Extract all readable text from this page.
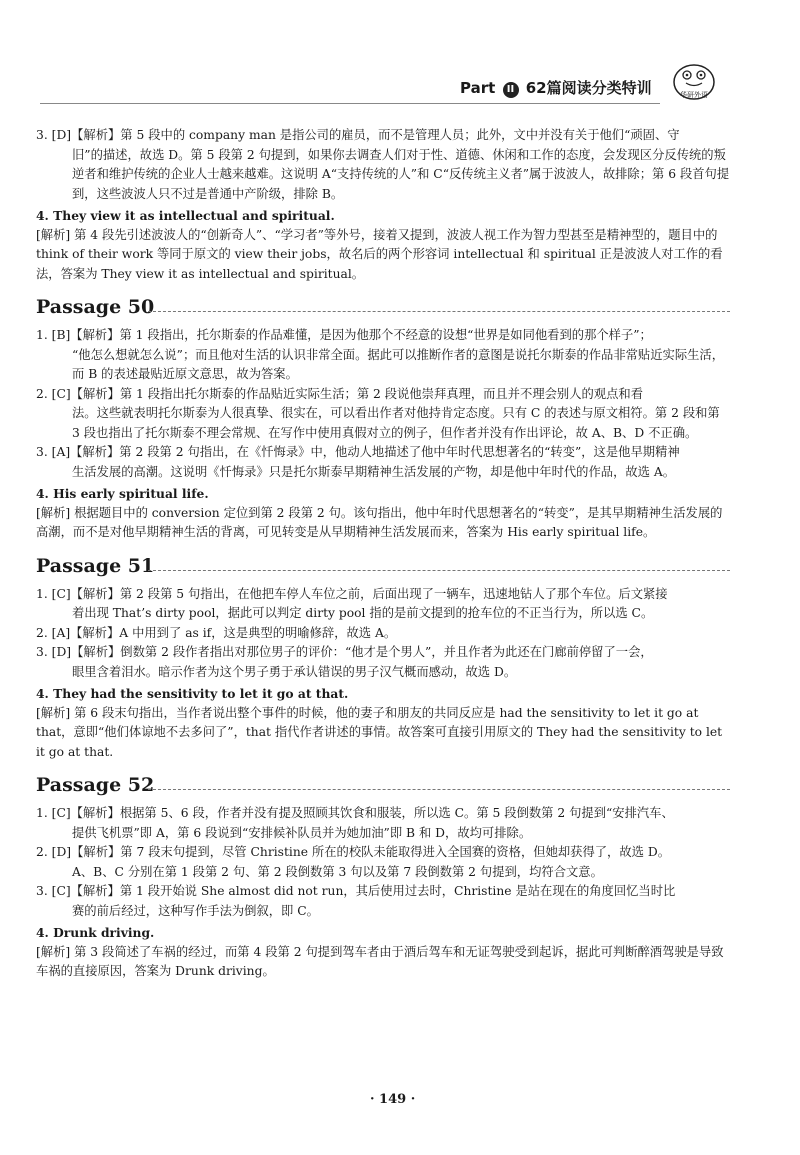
Part II 62篇阅读分类特训	华研外语

3. [D]【解析】第 5 段中的 company man 是指公司的雇员，而不是管理人员；此外，文中并没有关于他们“顽固、守
旧”的描述，故选 D。第 5 段第 2 句提到，如果你去调查人们对于性、道德、休闲和工作的态度，会发现区分反传统的叛逆者和维护传统的企业人士越来越难。这说明 A“支持传统的人”和 C“反传统主义者”属于波波人，故排除；第 6 段首句提到，这些波波人只不过是普通中产阶级，排除 B。

4. They view it as intellectual and spiritual.
[解析] 第 4 段先引述波波人的“创新奇人”、“学习者”等外号，接着又提到，波波人视工作为智力型甚至是精神型的，题目中的 think of their work 等同于原文的 view their jobs，故名后的两个形容词 intellectual 和 spiritual 正是波波人对工作的看法，答案为 They view it as intellectual and spiritual。
Passage 50

1. [B]【解析】第 1 段指出，托尔斯泰的作品难懂，是因为他那个不经意的设想“世界是如同他看到的那个样子”；
“他怎么想就怎么说”；而且他对生活的认识非常全面。据此可以推断作者的意图是说托尔斯泰的作品非常贴近实际生活，而 B 的表述最贴近原文意思，故为答案。

2. [C]【解析】第 1 段指出托尔斯泰的作品贴近实际生活；第 2 段说他崇拜真理，而且并不理会别人的观点和看
法。这些就表明托尔斯泰为人很真挚、很实在，可以看出作者对他持肯定态度。只有 C 的表述与原文相符。第 2 段和第 3 段也指出了托尔斯泰不理会常规、在写作中使用真假对立的例子，但作者并没有作出评论，故 A、B、D 不正确。

3. [A]【解析】第 2 段第 2 句指出，在《忏悔录》中，他动人地描述了他中年时代思想著名的“转变”，这是他早期精神
生活发展的高潮。这说明《忏悔录》只是托尔斯泰早期精神生活发展的产物，却是他中年时代的作品，故选 A。

4. His early spiritual life.
[解析] 根据题目中的 conversion 定位到第 2 段第 2 句。该句指出，他中年时代思想著名的“转变”，是其早期精神生活发展的高潮，而不是对他早期精神生活的背离，可见转变是从早期精神生活发展而来，答案为 His early spiritual life。
Passage 51

1. [C]【解析】第 2 段第 5 句指出，在他把车停人车位之前，后面出现了一辆车，迅速地钻人了那个车位。后文紧接
着出现 That’s dirty pool，据此可以判定 dirty pool 指的是前文提到的抢车位的不正当行为，所以选 C。

2. [A]【解析】A 中用到了 as if，这是典型的明喻修辞，故选 A。

3. [D]【解析】倒数第 2 段作者指出对那位男子的评价：“他才是个男人”，并且作者为此还在门廊前停留了一会，
眼里含着泪水。暗示作者为这个男子勇于承认错误的男子汉气概而感动，故选 D。

4. They had the sensitivity to let it go at that.
[解析] 第 6 段末句指出，当作者说出整个事件的时候，他的妻子和朋友的共同反应是 had the sensitivity to let it go at that，意即“他们体谅地不去多问了”，that 指代作者讲述的事情。故答案可直接引用原文的 They had the sensitivity to let it go at that.
Passage 52

1. [C]【解析】根据第 5、6 段，作者并没有提及照顾其饮食和服装，所以选 C。第 5 段倒数第 2 句提到“安排汽车、
提供飞机票”即 A，第 6 段说到“安排候补队员并为她加油”即 B 和 D，故均可排除。

2. [D]【解析】第 7 段末句提到，尽管 Christine 所在的校队未能取得进入全国赛的资格，但她却获得了，故选 D。
A、B、C 分别在第 1 段第 2 句、第 2 段倒数第 3 句以及第 7 段倒数第 2 句提到，均符合文意。

3. [C]【解析】第 1 段开始说 She almost did not run，其后使用过去时，Christine 是站在现在的角度回忆当时比
赛的前后经过，这种写作手法为倒叙，即 C。

4. Drunk driving.
[解析] 第 3 段简述了车祸的经过，而第 4 段第 2 句提到驾车者由于酒后驾车和无证驾驶受到起诉，据此可判断醉酒驾驶是导致车祸的直接原因，答案为 Drunk driving。
· 149 ·
